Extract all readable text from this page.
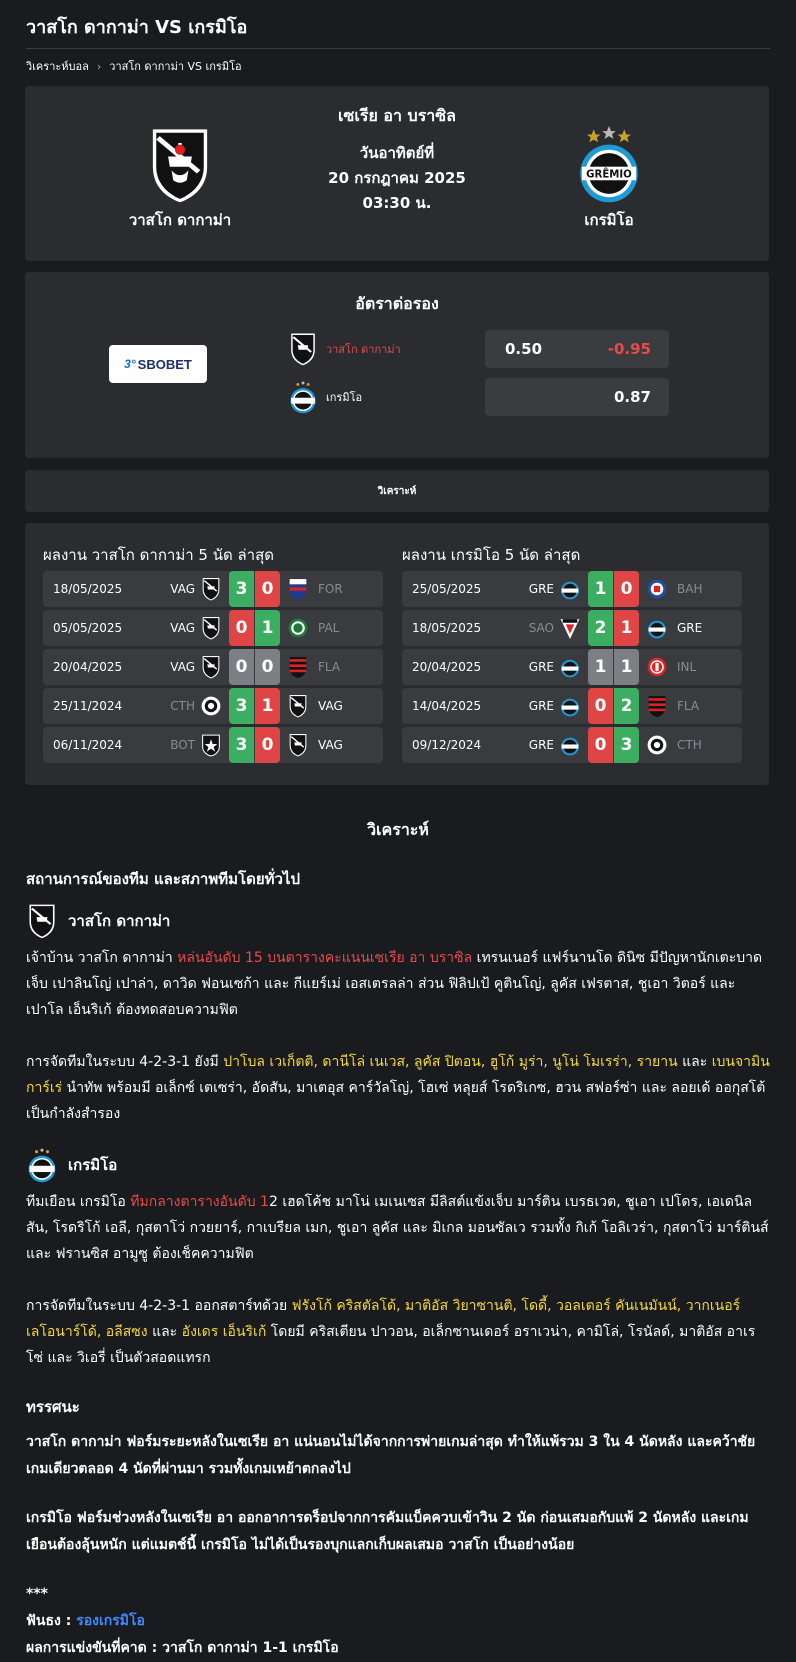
วาสโก ดากาม่า VS เกรมิโอ
วิเคราะห์บอล › วาสโก ดากาม่า VS เกรมิโอ
เซเรีย อา บราซิล
วันอาทิตย์ที่
20 กรกฎาคม 2025
03:30 น.
วาสโก ดากาม่า
GRÊMIO
เกรมิโอ
อัตราต่อรอง
3° SBOBET
วาสโก ดากาม่า
เกรมิโอ
0.50	-0.95
0.87
วิเคราะห์
ผลงาน วาสโก ดากาม่า 5 นัด ล่าสุด
18/05/2025	VAG	3 0	FOR
05/05/2025	VAG	0 1	PAL
20/04/2025	VAG	0 0	FLA
25/11/2024	CTH	3 1	VAG
06/11/2024	BOT	3 0	VAG
ผลงาน เกรมิโอ 5 นัด ล่าสุด
25/05/2025	GRE	1 0	BAH
18/05/2025	SAO	2 1	GRE
20/04/2025	GRE	1 1	INL
14/04/2025	GRE	0 2	FLA
09/12/2024	GRE	0 3	CTH
วิเคราะห์
สถานการณ์ของทีม และสภาพทีมโดยทั่วไป
วาสโก ดากาม่า

เจ้าบ้าน วาสโก ดากาม่า หล่นอันดับ 15 บนตารางคะแนนเซเรีย อา บราซิล เทรนเนอร์ แฟร์นานโด ดินิซ มีปัญหานักเตะบาดเจ็บ เปาลินโญ่ เปาล่า, ดาวิด ฟอนเซก้า และ กีแยร์เม่ เอสเตรลล่า ส่วน ฟิลิปเป้ คูตินโญ่, ลูคัส เฟรตาส, ชูเอา วิตอร์ และ เปาโล เอ็นริเก้ ต้องทดสอบความฟิต

การจัดทีมในระบบ 4-2-3-1 ยังมี ปาโบล เวเก็ตติ, ดานีโล่ เนเวส, ลูคัส ปิตอน, ฮูโก้ มูร่า, นูโน่ โมเรร่า, รายาน และ เบนจามิน การ์เร่ นำทัพ พร้อมมี อเล็กซ์ เตเซร่า, อัดสัน, มาเตอุส คาร์วัลโญ่, โฮเซ่ หลุยส์ โรดริเกซ, ฮวน สฟอร์ซ่า และ ลอยเด้ ออกุสโต้ เป็นกำลังสำรอง

เกรมิโอ

ทีมเยือน เกรมิโอ ทีมกลางตารางอันดับ 12 เฮดโค้ช มาโน่ เมเนเซส มีลิสต์แข้งเจ็บ มาร์ติน เบรธเวต, ชูเอา เปโดร, เอเดนิลสัน, โรดริโก้ เอลี, กุสตาโว่ กวยยาร์, กาเบรียล เมก, ชูเอา ลูคัส และ มิเกล มอนซัลเว รวมทั้ง กิเก้ โอลิเวร่า, กุสตาโว่ มาร์ตินส์ และ ฟรานซิส อามูซู ต้องเช็คความฟิต

การจัดทีมในระบบ 4-2-3-1 ออกสตาร์ทด้วย ฟรังโก้ คริสตัลโด้, มาติอัส วิยาซานติ, โดดี้, วอลเตอร์ คันเนมันน์, วากเนอร์ เลโอนาร์โด้, อลีสซง และ อังเดร เอ็นริเก้ โดยมี คริสเตียน ปาวอน, อเล็กซานเดอร์ อราเวน่า, คามิโล่, โรนัลด์, มาติอัส อาเรโซ่ และ วิเอรี่ เป็นตัวสอดแทรก

ทรรศนะ

วาสโก ดากาม่า ฟอร์มระยะหลังในเซเรีย อา แน่นอนไม่ได้จากการพ่ายเกมล่าสุด ทำให้แพ้รวม 3 ใน 4 นัดหลัง และคว้าชัยเกมเดียวตลอด 4 นัดที่ผ่านมา รวมทั้งเกมเหย้าตกลงไป

เกรมิโอ ฟอร์มช่วงหลังในเซเรีย อา ออกอาการดร็อปจากการคัมแบ็คควบเข้าวิน 2 นัด ก่อนเสมอกับแพ้ 2 นัดหลัง และเกมเยือนต้องลุ้นหนัก แต่แมตช์นี้ เกรมิโอ ไม่ได้เป็นรองบุกแลกเก็บผลเสมอ วาสโก เป็นอย่างน้อย

***

ฟันธง : รองเกรมิโอ

ผลการแข่งขันที่คาด : วาสโก ดากาม่า 1-1 เกรมิโอ
